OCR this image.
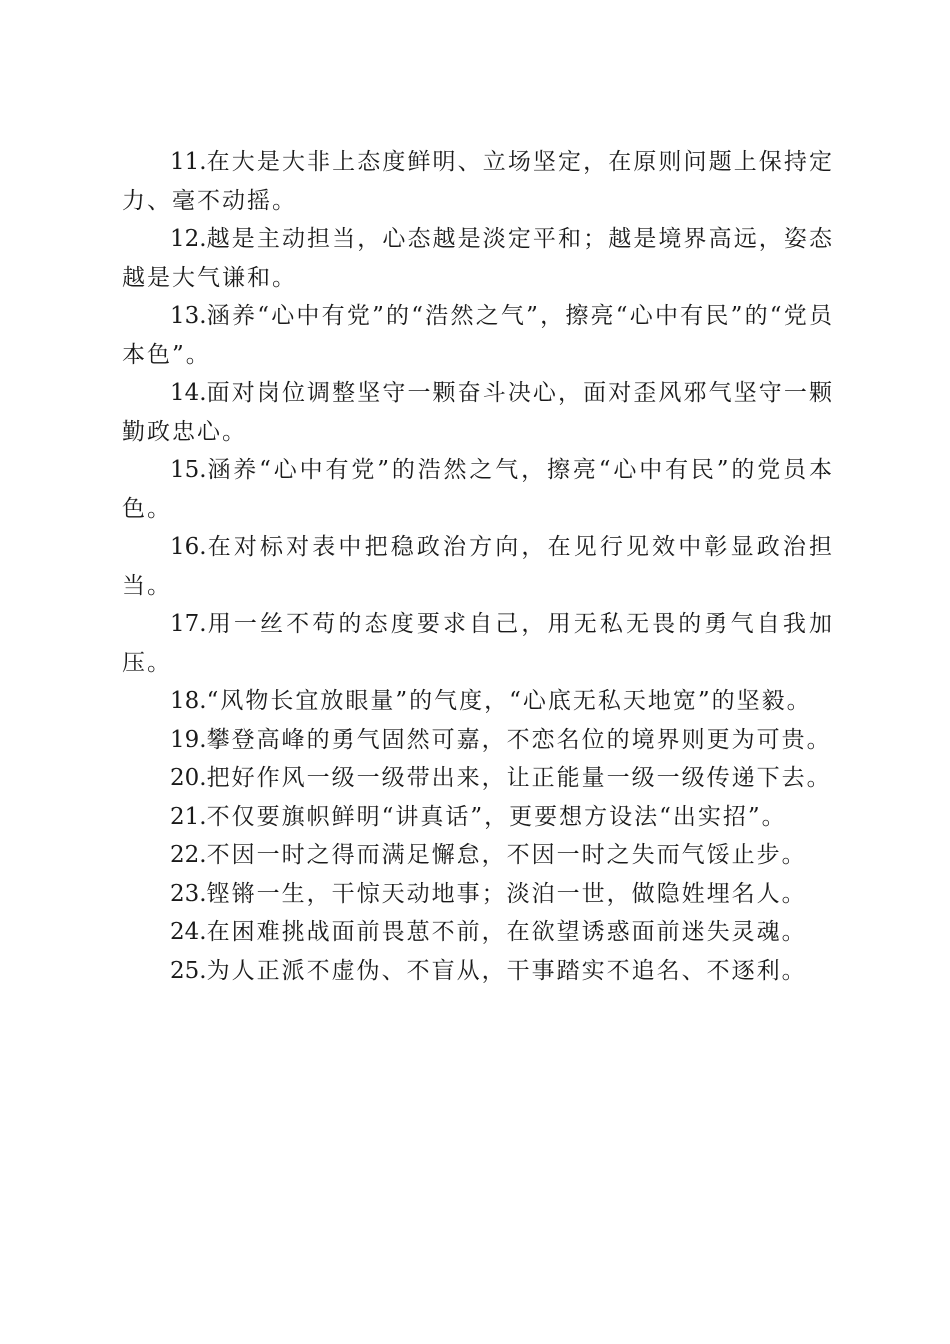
11.在大是大非上态度鲜明、立场坚定，在原则问题上保持定力、毫不动摇。

12.越是主动担当，心态越是淡定平和；越是境界高远，姿态越是大气谦和。

13.涵养“心中有党”的“浩然之气”，擦亮“心中有民”的“党员本色”。

14.面对岗位调整坚守一颗奋斗决心，面对歪风邪气坚守一颗勤政忠心。

15.涵养“心中有党”的浩然之气，擦亮“心中有民”的党员本色。

16.在对标对表中把稳政治方向，在见行见效中彰显政治担当。

17.用一丝不苟的态度要求自己，用无私无畏的勇气自我加压。

18.“风物长宜放眼量”的气度，“心底无私天地宽”的坚毅。

19.攀登高峰的勇气固然可嘉，不恋名位的境界则更为可贵。

20.把好作风一级一级带出来，让正能量一级一级传递下去。

21.不仅要旗帜鲜明“讲真话”，更要想方设法“出实招”。

22.不因一时之得而满足懈怠，不因一时之失而气馁止步。

23.铿锵一生，干惊天动地事；淡泊一世，做隐姓埋名人。

24.在困难挑战面前畏葸不前，在欲望诱惑面前迷失灵魂。

25.为人正派不虚伪、不盲从，干事踏实不追名、不逐利。
